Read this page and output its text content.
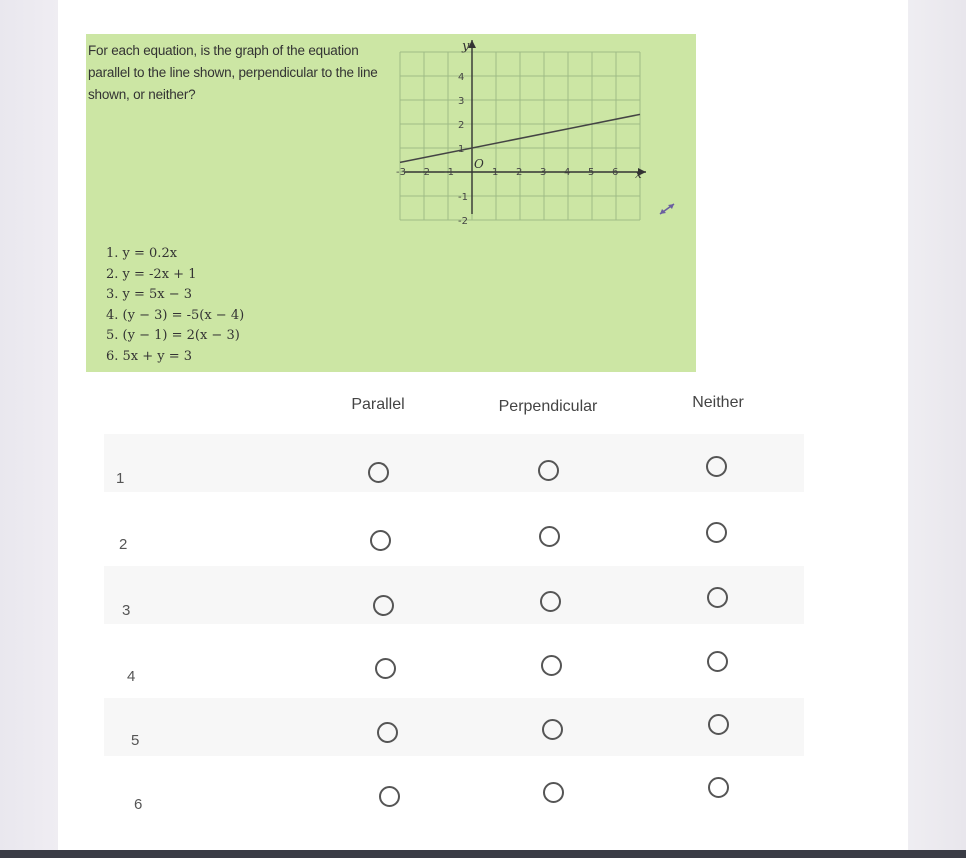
For each equation, is the graph of the equation parallel to the line shown, perpendicular to the line shown, or neither?
-3 -2 -1	1 2 3 4 5 6
4
3
2
1
-1
-2
y
x
O
1. y = 0.2x
2. y = -2x + 1
3. y = 5x − 3
4. (y − 3) = -5(x − 4)
5. (y − 1) = 2(x − 3)
6. 5x + y = 3
Parallel	Perpendicular	Neither
1
2
3
4
5
6
